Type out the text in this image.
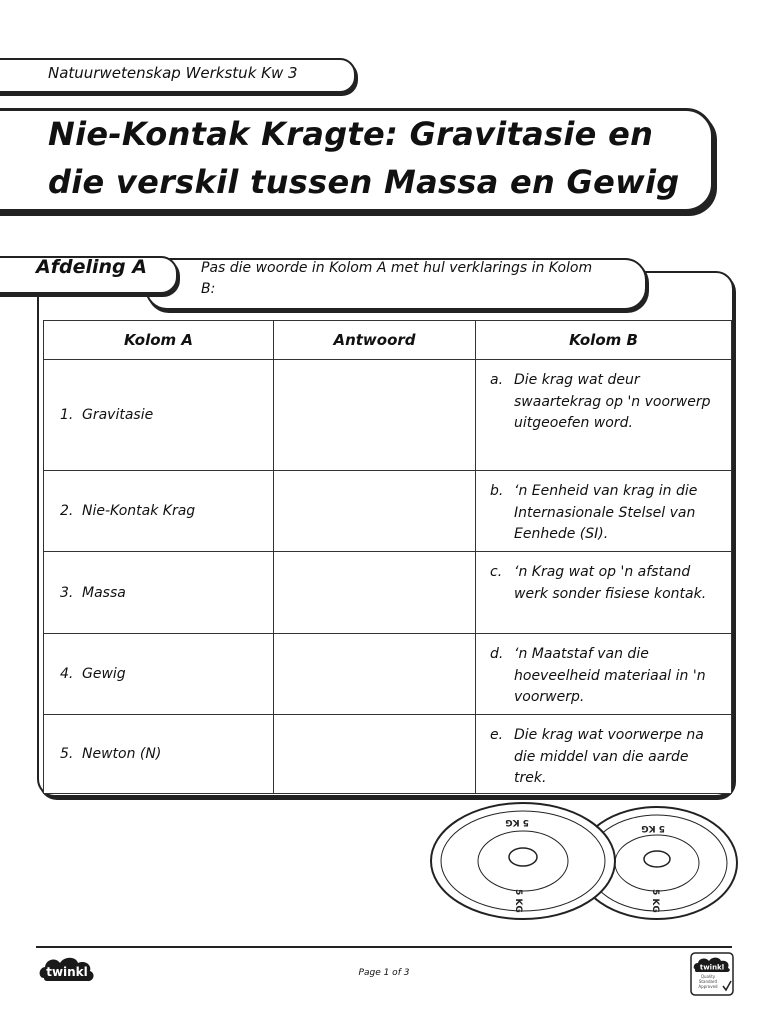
Natuurwetenskap Werkstuk Kw 3
Nie-Kontak Kragte: Gravitasie en die verskil tussen Massa en Gewig
Pas die woorde in Kolom A met hul verklarings in Kolom B:
Afdeling A
Kolom A	Antwoord	Kolom B
1. Gravitasie		a. Die krag wat deur swaartekrag op 'n voorwerp uitgeoefen word.

2. Nie-Kontak Krag		b. ‘n Eenheid van krag in die Internasionale Stelsel van Eenhede (SI).

3. Massa		c. ‘n Krag wat op 'n afstand werk sonder fisiese kontak.

4. Gewig		d. ‘n Maatstaf van die hoeveelheid materiaal in 'n voorwerp.

5. Newton (N)		e. Die krag wat voorwerpe na die middel van die aarde trek.
5 KG
5 KG
5 KG
5 KG
twinkl	Page 1 of 3
twinkl
Quality Standard Approved
